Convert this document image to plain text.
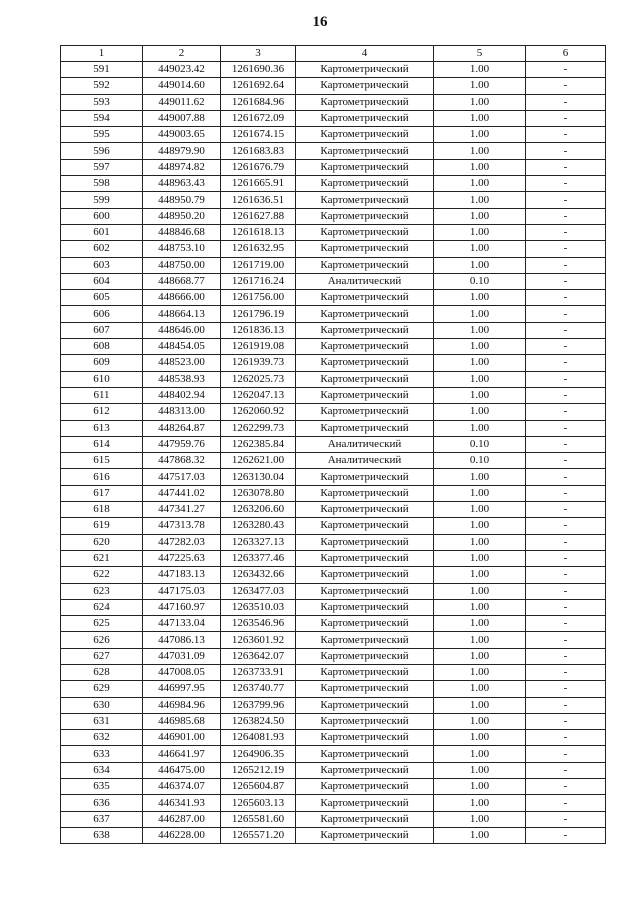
16
1	2	3	4	5	6
591	449023.42	1261690.36	Картометрический	1.00	-
592	449014.60	1261692.64	Картометрический	1.00	-
593	449011.62	1261684.96	Картометрический	1.00	-
594	449007.88	1261672.09	Картометрический	1.00	-
595	449003.65	1261674.15	Картометрический	1.00	-
596	448979.90	1261683.83	Картометрический	1.00	-
597	448974.82	1261676.79	Картометрический	1.00	-
598	448963.43	1261665.91	Картометрический	1.00	-
599	448950.79	1261636.51	Картометрический	1.00	-
600	448950.20	1261627.88	Картометрический	1.00	-
601	448846.68	1261618.13	Картометрический	1.00	-
602	448753.10	1261632.95	Картометрический	1.00	-
603	448750.00	1261719.00	Картометрический	1.00	-
604	448668.77	1261716.24	Аналитический	0.10	-
605	448666.00	1261756.00	Картометрический	1.00	-
606	448664.13	1261796.19	Картометрический	1.00	-
607	448646.00	1261836.13	Картометрический	1.00	-
608	448454.05	1261919.08	Картометрический	1.00	-
609	448523.00	1261939.73	Картометрический	1.00	-
610	448538.93	1262025.73	Картометрический	1.00	-
611	448402.94	1262047.13	Картометрический	1.00	-
612	448313.00	1262060.92	Картометрический	1.00	-
613	448264.87	1262299.73	Картометрический	1.00	-
614	447959.76	1262385.84	Аналитический	0.10	-
615	447868.32	1262621.00	Аналитический	0.10	-
616	447517.03	1263130.04	Картометрический	1.00	-
617	447441.02	1263078.80	Картометрический	1.00	-
618	447341.27	1263206.60	Картометрический	1.00	-
619	447313.78	1263280.43	Картометрический	1.00	-
620	447282.03	1263327.13	Картометрический	1.00	-
621	447225.63	1263377.46	Картометрический	1.00	-
622	447183.13	1263432.66	Картометрический	1.00	-
623	447175.03	1263477.03	Картометрический	1.00	-
624	447160.97	1263510.03	Картометрический	1.00	-
625	447133.04	1263546.96	Картометрический	1.00	-
626	447086.13	1263601.92	Картометрический	1.00	-
627	447031.09	1263642.07	Картометрический	1.00	-
628	447008.05	1263733.91	Картометрический	1.00	-
629	446997.95	1263740.77	Картометрический	1.00	-
630	446984.96	1263799.96	Картометрический	1.00	-
631	446985.68	1263824.50	Картометрический	1.00	-
632	446901.00	1264081.93	Картометрический	1.00	-
633	446641.97	1264906.35	Картометрический	1.00	-
634	446475.00	1265212.19	Картометрический	1.00	-
635	446374.07	1265604.87	Картометрический	1.00	-
636	446341.93	1265603.13	Картометрический	1.00	-
637	446287.00	1265581.60	Картометрический	1.00	-
638	446228.00	1265571.20	Картометрический	1.00	-
